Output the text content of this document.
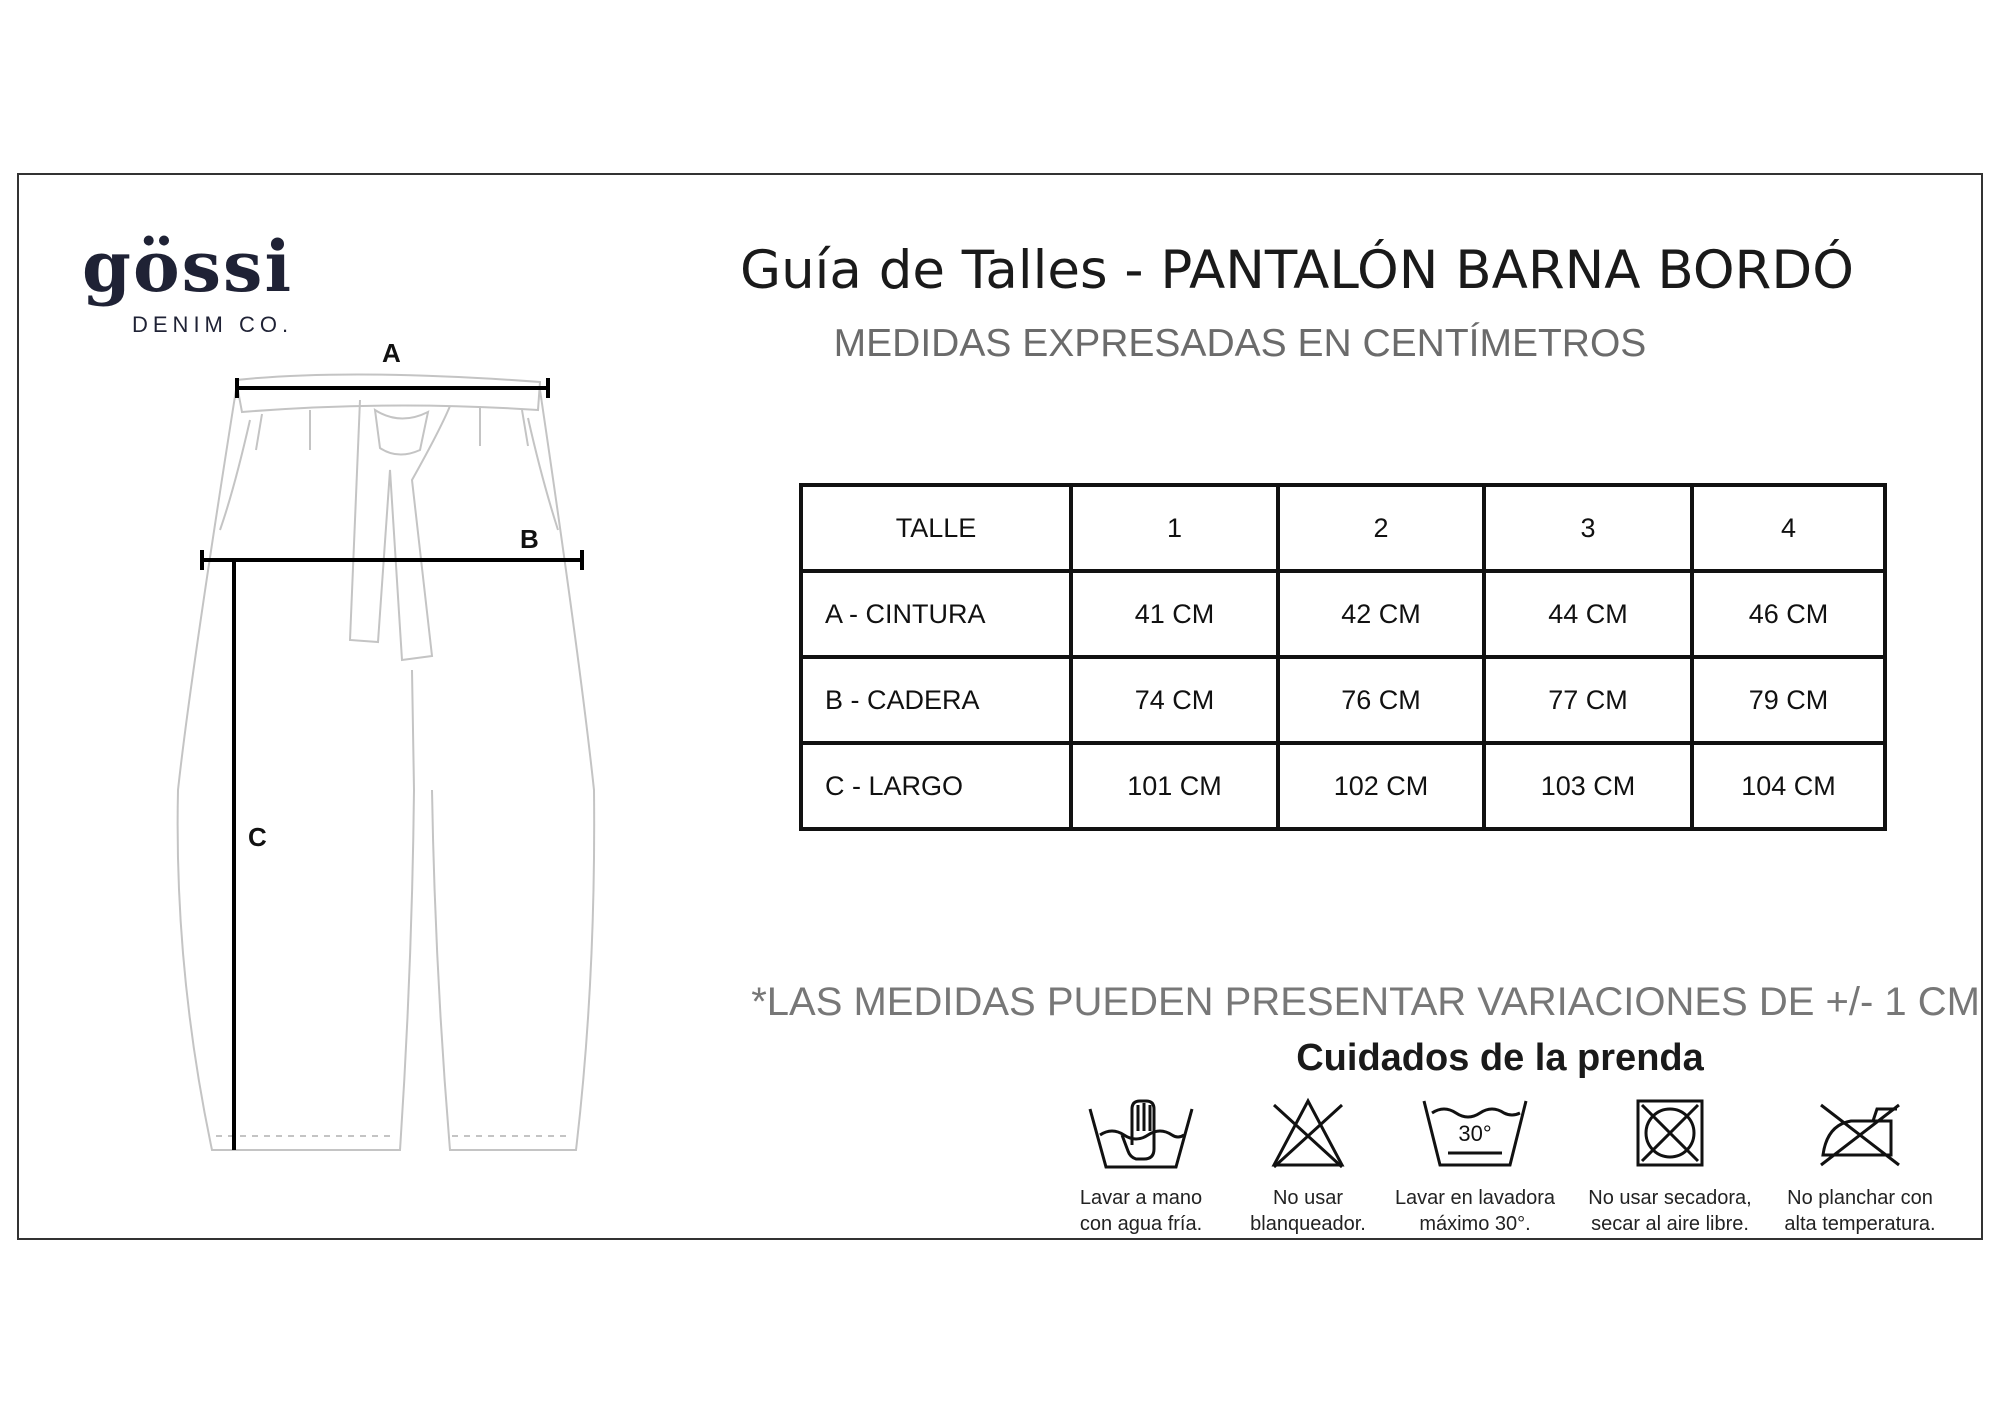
gössi
DENIM CO.
Guía de Talles - PANTALÓN BARNA BORDÓ
MEDIDAS EXPRESADAS EN CENTÍMETROS
A
B
C
TALLE	1	2	3	4
A - CINTURA	41 CM	42 CM	44 CM	46 CM
B - CADERA	74 CM	76 CM	77 CM	79 CM
C - LARGO	101 CM	102 CM	103 CM	104 CM
*LAS MEDIDAS PUEDEN PRESENTAR VARIACIONES DE +/- 1 CM
Cuidados de la prenda
Lavar a mano
con agua fría.
No usar
blanqueador.
30°
Lavar en lavadora
máximo 30°.
No usar secadora,
secar al aire libre.
No planchar con
alta temperatura.
